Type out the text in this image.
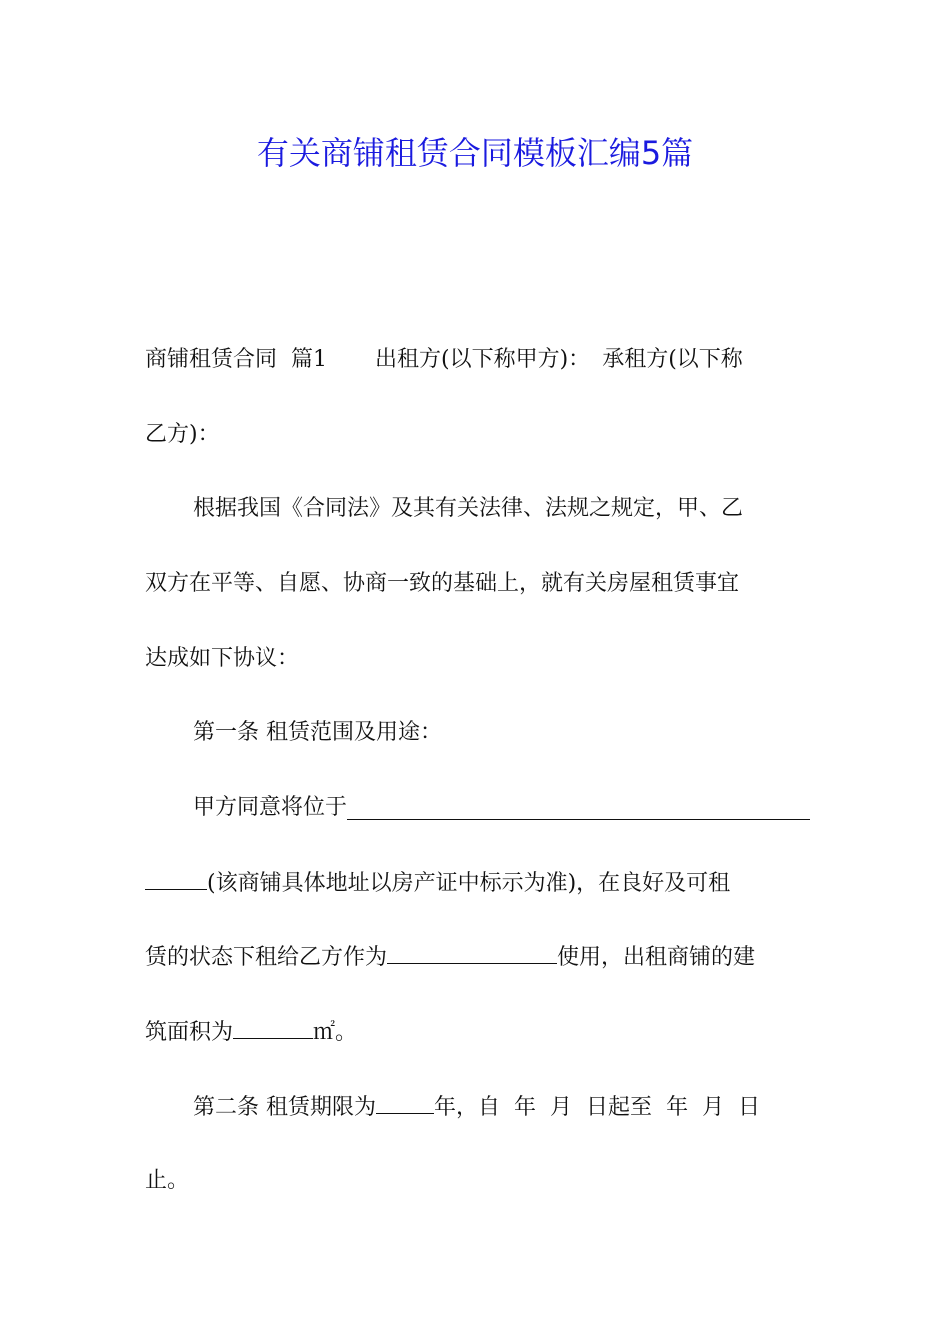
有关商铺租赁合同模板汇编5篇
商铺租赁合同 篇1 出租方(以下称甲方)： 承租方(以下称
乙方)：
根据我国《合同法》及其有关法律、法规之规定，甲、乙
双方在平等、自愿、协商一致的基础上，就有关房屋租赁事宜
达成如下协议：
第一条 租赁范围及用途：
甲方同意将位于
(该商铺具体地址以房产证中标示为准)，在良好及可租
赁的状态下租给乙方作为	使用，出租商铺的建
筑面积为	㎡。
第二条 租赁期限为	年，自 年 月 日起至 年 月 日
止。
